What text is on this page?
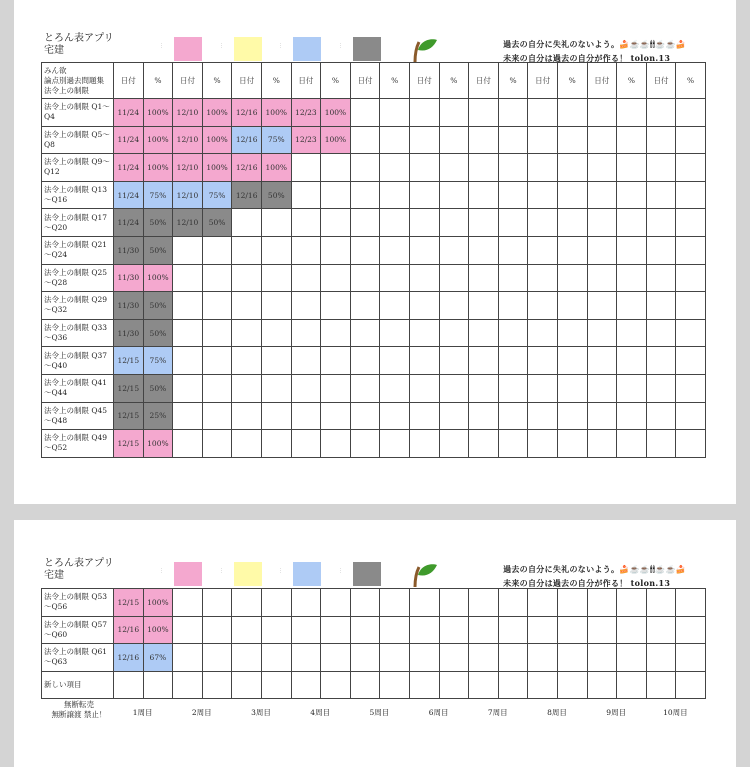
とろん表アプリ
宅建	⋮	⋮	⋮	⋮	過去の自分に失礼のないよう。🍰☕☕🕯🕯☕☕🍰
未来の自分は過去の自分が作る！ tolon.13
みん欲
論点別過去問題集
法令上の制限	日付	%	日付	%	日付	%	日付	%	日付	%	日付	%	日付	%	日付	%	日付	%	日付	%
法令上の制限 Q1～Q4	11/24	100%	12/10	100%	12/16	100%	12/23	100%												
法令上の制限 Q5～Q8	11/24	100%	12/10	100%	12/16	75%	12/23	100%												
法令上の制限 Q9～Q12	11/24	100%	12/10	100%	12/16	100%														
法令上の制限 Q13～Q16	11/24	75%	12/10	75%	12/16	50%														
法令上の制限 Q17～Q20	11/24	50%	12/10	50%																
法令上の制限 Q21～Q24	11/30	50%																		
法令上の制限 Q25～Q28	11/30	100%																		
法令上の制限 Q29～Q32	11/30	50%																		
法令上の制限 Q33～Q36	11/30	50%																		
法令上の制限 Q37～Q40	12/15	75%																		
法令上の制限 Q41～Q44	12/15	50%																		
法令上の制限 Q45～Q48	12/15	25%																		
法令上の制限 Q49～Q52	12/15	100%																		
とろん表アプリ
宅建	⋮	⋮	⋮	⋮	過去の自分に失礼のないよう。🍰☕☕🕯🕯☕☕🍰
未来の自分は過去の自分が作る！ tolon.13
法令上の制限 Q53～Q56	12/15	100%																		
法令上の制限 Q57～Q60	12/16	100%																		
法令上の制限 Q61～Q63	12/16	67%																		
新しい項目																				
無断転売
無断譲渡 禁止！	1周目	2周目	3周目	4周目	5周目	6周目	7周目	8周目	9周目	10周目
